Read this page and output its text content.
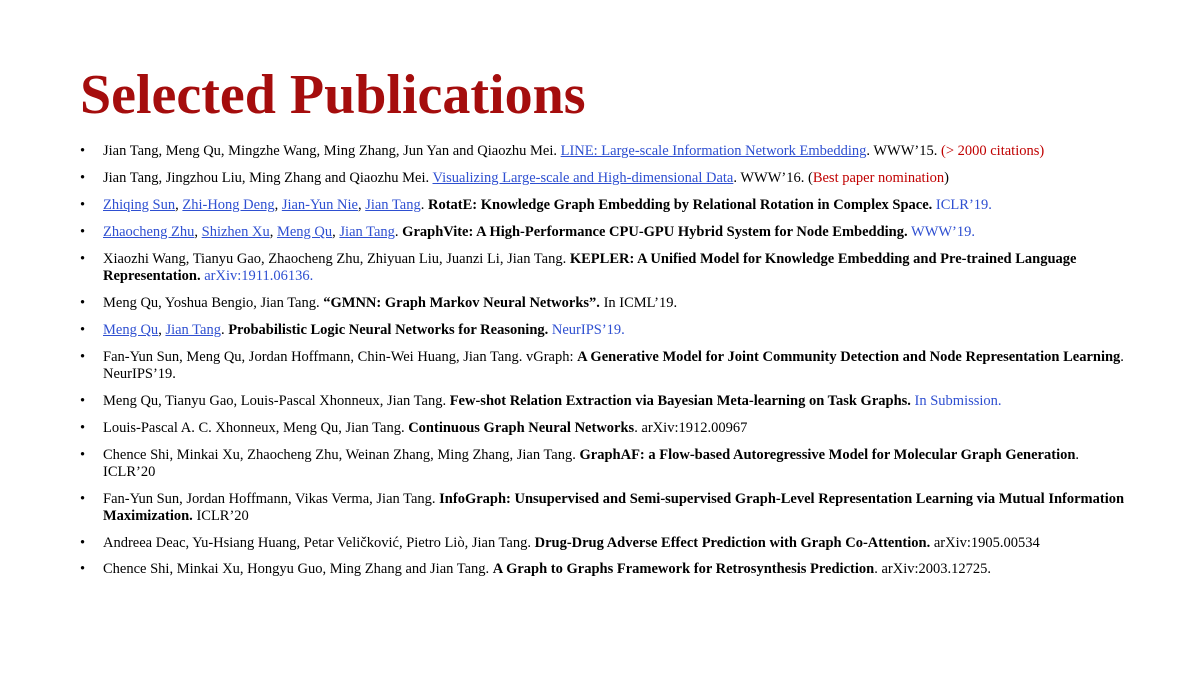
Selected Publications
• Jian Tang, Meng Qu, Mingzhe Wang, Ming Zhang, Jun Yan and Qiaozhu Mei. LINE: Large-scale Information Network Embedding. WWW’15. (> 2000 citations)
• Jian Tang, Jingzhou Liu, Ming Zhang and Qiaozhu Mei. Visualizing Large-scale and High-dimensional Data. WWW’16. (Best paper nomination)
• Zhiqing Sun, Zhi-Hong Deng, Jian-Yun Nie, Jian Tang. RotatE: Knowledge Graph Embedding by Relational Rotation in Complex Space. ICLR’19.
• Zhaocheng Zhu, Shizhen Xu, Meng Qu, Jian Tang. GraphVite: A High-Performance CPU-GPU Hybrid System for Node Embedding. WWW’19.
• Xiaozhi Wang, Tianyu Gao, Zhaocheng Zhu, Zhiyuan Liu, Juanzi Li, Jian Tang. KEPLER: A Unified Model for Knowledge Embedding and Pre-trained Language Representation. arXiv:1911.06136.
• Meng Qu, Yoshua Bengio, Jian Tang. “GMNN: Graph Markov Neural Networks”. In ICML’19.
• Meng Qu, Jian Tang. Probabilistic Logic Neural Networks for Reasoning. NeurIPS’19.
• Fan-Yun Sun, Meng Qu, Jordan Hoffmann, Chin-Wei Huang, Jian Tang. vGraph: A Generative Model for Joint Community Detection and Node Representation Learning. NeurIPS’19.
• Meng Qu, Tianyu Gao, Louis-Pascal Xhonneux, Jian Tang. Few-shot Relation Extraction via Bayesian Meta-learning on Task Graphs. In Submission.
• Louis-Pascal A. C. Xhonneux, Meng Qu, Jian Tang. Continuous Graph Neural Networks. arXiv:1912.00967
• Chence Shi, Minkai Xu, Zhaocheng Zhu, Weinan Zhang, Ming Zhang, Jian Tang. GraphAF: a Flow-based Autoregressive Model for Molecular Graph Generation. ICLR’20
• Fan-Yun Sun, Jordan Hoffmann, Vikas Verma, Jian Tang. InfoGraph: Unsupervised and Semi-supervised Graph-Level Representation Learning via Mutual Information Maximization. ICLR’20
• Andreea Deac, Yu-Hsiang Huang, Petar Veličković, Pietro Liò, Jian Tang. Drug-Drug Adverse Effect Prediction with Graph Co-Attention. arXiv:1905.00534
• Chence Shi, Minkai Xu, Hongyu Guo, Ming Zhang and Jian Tang. A Graph to Graphs Framework for Retrosynthesis Prediction. arXiv:2003.12725.
